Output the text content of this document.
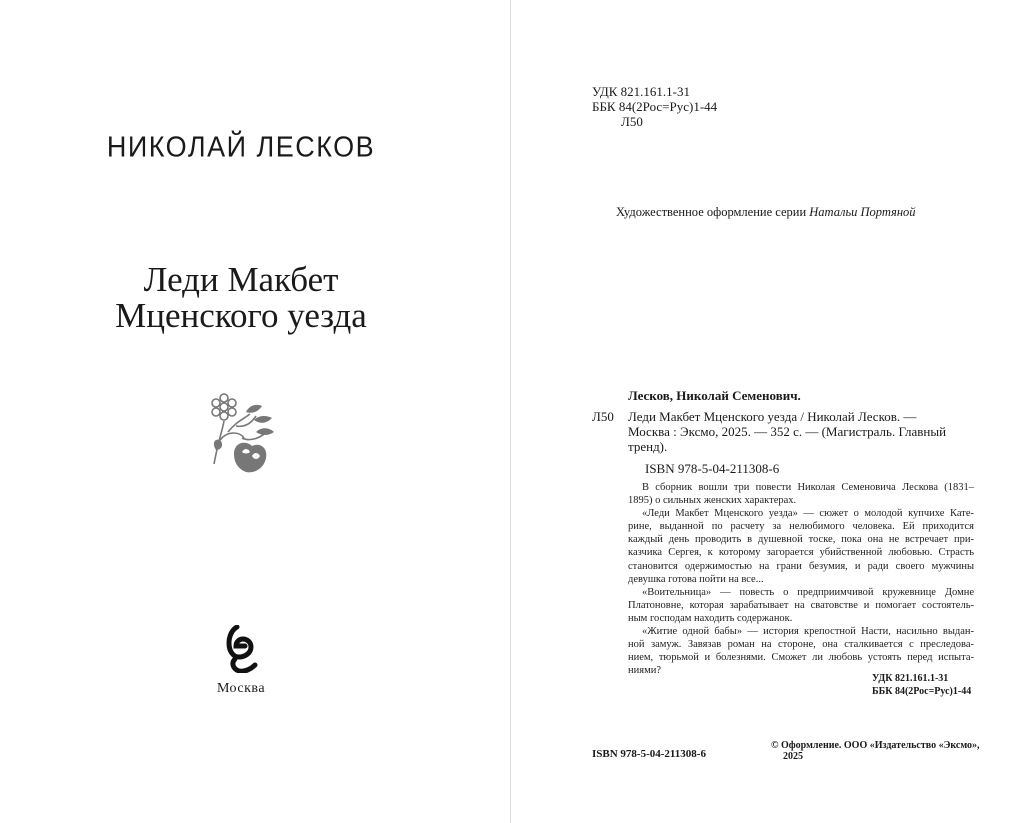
НИКОЛАЙ ЛЕСКОВ
Леди Макбет
Мценского уезда
Москва
УДК 821.161.1-31
ББК 84(2Рос=Рус)1-44
Л50
Художественное оформление серии Натальи Портяной
Лесков, Николай Семенович.
Л50 Леди Макбет Мценского уезда / Николай Лесков. —
Москва : Эксмо, 2025. — 352 с. — (Магистраль. Главный
тренд).
ISBN 978-5-04-211308-6
В сборник вошли три повести Николая Семеновича Лескова (1831–
1895) о сильных женских характерах.
«Леди Макбет Мценского уезда» — сюжет о молодой купчихе Катe-
рине, выданной по расчету за нелюбимого человека. Ей приходится
каждый день проводить в душевной тоске, пока она не встречает при-
казчика Сергея, к которому загорается убийственной любовью. Страсть
становится одержимостью на грани безумия, и ради своего мужчины
девушка готова пойти на все...
«Воительница» — повесть о предприимчивой кружевнице Домне
Платоновне, которая зарабатывает на сватовстве и помогает состоятель-
ным господам находить содержанок.
«Житие одной бабы» — история крепостной Насти, насильно выдан-
ной замуж. Завязав роман на стороне, она сталкивается с преследова-
нием, тюрьмой и болезнями. Сможет ли любовь устоять перед испыта-
ниями?
УДК 821.161.1-31
ББК 84(2Рос=Рус)1-44
ISBN 978-5-04-211308-6
© Оформление. ООО «Издательство «Эксмо»,
2025
